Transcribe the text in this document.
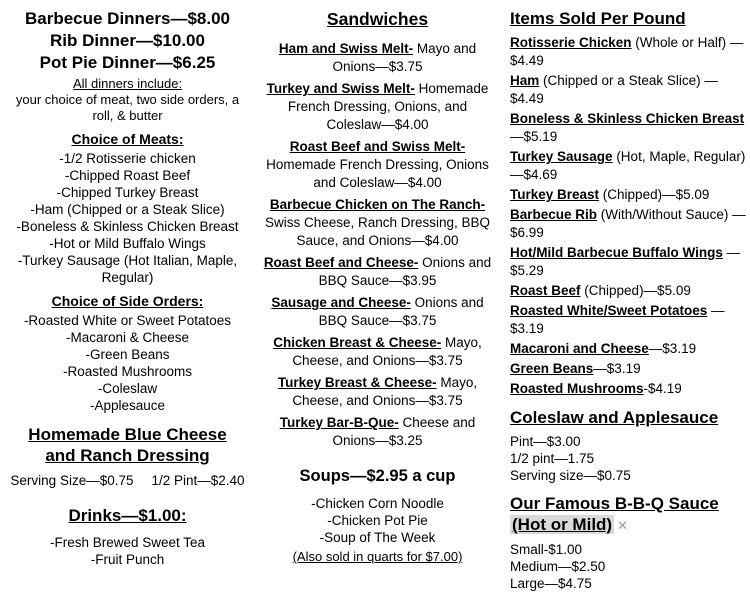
Barbecue Dinners—$8.00
Rib Dinner—$10.00
Pot Pie Dinner—$6.25
All dinners include:
your choice of meat, two side orders, a roll, & butter
Choice of Meats:
-1/2 Rotisserie chicken
-Chipped Roast Beef
-Chipped Turkey Breast
-Ham (Chipped or a Steak Slice)
-Boneless & Skinless Chicken Breast
-Hot or Mild Buffalo Wings
-Turkey Sausage (Hot Italian, Maple, Regular)
Choice of Side Orders:
-Roasted White or Sweet Potatoes
-Macaroni & Cheese
-Green Beans
-Roasted Mushrooms
-Coleslaw
-Applesauce
Homemade Blue Cheese and Ranch Dressing
Serving Size—$0.75 1/2 Pint—$2.40
Drinks—$1.00:
-Fresh Brewed Sweet Tea
-Fruit Punch
Sandwiches
Ham and Swiss Melt- Mayo and Onions—$3.75
Turkey and Swiss Melt- Homemade French Dressing, Onions, and Coleslaw—$4.00
Roast Beef and Swiss Melt- Homemade French Dressing, Onions and Coleslaw—$4.00
Barbecue Chicken on The Ranch- Swiss Cheese, Ranch Dressing, BBQ Sauce, and Onions—$4.00
Roast Beef and Cheese- Onions and BBQ Sauce—$3.95
Sausage and Cheese- Onions and BBQ Sauce—$3.75
Chicken Breast & Cheese- Mayo, Cheese, and Onions—$3.75
Turkey Breast & Cheese- Mayo, Cheese, and Onions—$3.75
Turkey Bar-B-Que- Cheese and Onions—$3.25
Soups—$2.95 a cup
-Chicken Corn Noodle
-Chicken Pot Pie
-Soup of The Week
(Also sold in quarts for $7.00)
Items Sold Per Pound
Rotisserie Chicken (Whole or Half) —$4.49
Ham (Chipped or a Steak Slice) — $4.49
Boneless & Skinless Chicken Breast—$5.19
Turkey Sausage (Hot, Maple, Regular)—$4.69
Turkey Breast (Chipped)—$5.09
Barbecue Rib (With/Without Sauce) —$6.99
Hot/Mild Barbecue Buffalo Wings —$5.29
Roast Beef (Chipped)—$5.09
Roasted White/Sweet Potatoes — $3.19
Macaroni and Cheese—$3.19
Green Beans—$3.19
Roasted Mushrooms-$4.19
Coleslaw and Applesauce
Pint—$3.00
1/2 pint—1.75
Serving size—$0.75
Our Famous B-B-Q Sauce
(Hot or Mild) ✕
Small-$1.00
Medium—$2.50
Large—$4.75
